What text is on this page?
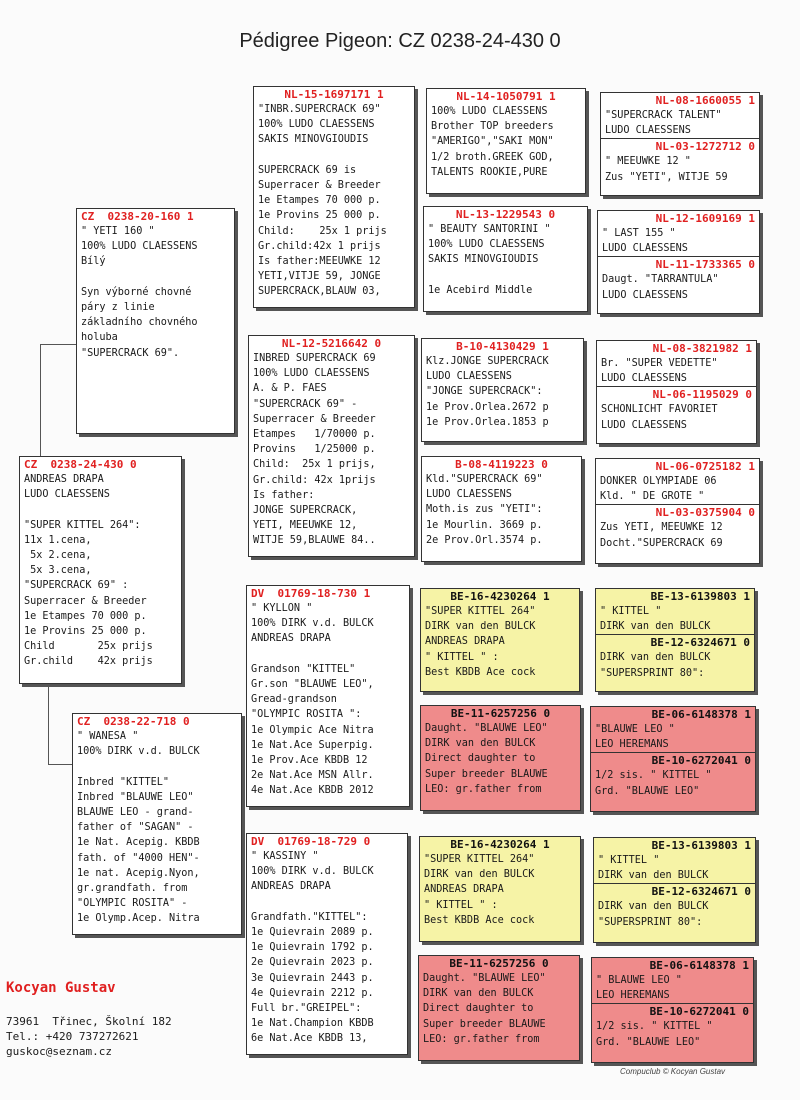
Pédigree Pigeon: CZ 0238-24-430 0
CZ  0238-24-430 0
ANDREAS DRAPA
LUDO CLAESSENS

"SUPER KITTEL 264":
11x 1.cena,
5x 2.cena,
5x 3.cena,
"SUPERCRACK 69" :
Superracer & Breeder
1e Etampes 70 000 p.
1e Provins 25 000 p.
Child       25x prijs
Gr.child    42x prijs
CZ  0238-20-160 1
" YETI 160 "
100% LUDO CLAESSENS
Bílý

Syn výborné chovné
páry z linie
základního chovného
holuba
"SUPERCRACK 69".
CZ  0238-22-718 0
" WANESA "
100% DIRK v.d. BULCK

Inbred "KITTEL"
Inbred "BLAUWE LEO"
BLAUWE LEO - grand-
father of "SAGAN" -
1e Nat. Acepig. KBDB
fath. of "4000 HEN"-
1e nat. Acepig.Nyon,
gr.grandfath. from
"OLYMPIC ROSITA" -
1e Olymp.Acep. Nitra
NL-15-1697171 1
"INBR.SUPERCRACK 69"
100% LUDO CLAESSENS
SAKIS MINOVGIOUDIS

SUPERCRACK 69 is
Superracer & Breeder
1e Etampes 70 000 p.
1e Provins 25 000 p.
Child:    25x 1 prijs
Gr.child:42x 1 prijs
Is father:MEEUWKE 12
YETI,VITJE 59, JONGE
SUPERCRACK,BLAUW 03,
NL-12-5216642 0
INBRED SUPERCRACK 69
100% LUDO CLAESSENS
A. & P. FAES
"SUPERCRACK 69" -
Superracer & Breeder
Etampes   1/70000 p.
Provins   1/25000 p.
Child:  25x 1 prijs,
Gr.child: 42x 1prijs
Is father:
JONGE SUPERCRACK,
YETI, MEEUWKE 12,
WITJE 59,BLAUWE 84..
DV  01769-18-730 1
" KYLLON "
100% DIRK v.d. BULCK
ANDREAS DRAPA

Grandson "KITTEL"
Gr.son "BLAUWE LEO",
Gread-grandson
"OLYMPIC ROSITA ":
1e Olympic Ace Nitra
1e Nat.Ace Superpig.
1e Prov.Ace KBDB 12
2e Nat.Ace MSN Allr.
4e Nat.Ace KBDB 2012
DV  01769-18-729 0
" KASSINY "
100% DIRK v.d. BULCK
ANDREAS DRAPA

Grandfath."KITTEL":
1e Quievrain 2089 p.
1e Quievrain 1792 p.
2e Quievrain 2023 p.
3e Quievrain 2443 p.
4e Quievrain 2212 p.
Full br."GREIPEL":
1e Nat.Champion KBDB
6e Nat.Ace KBDB 13,
NL-14-1050791 1
100% LUDO CLAESSENS
Brother TOP breeders
"AMERIGO","SAKI MON"
1/2 broth.GREEK GOD,
TALENTS ROOKIE,PURE
NL-13-1229543 0
" BEAUTY SANTORINI "
100% LUDO CLAESSENS
SAKIS MINOVGIOUDIS

1e Acebird Middle
B-10-4130429 1
Klz.JONGE SUPERCRACK
LUDO CLAESSENS
"JONGE SUPERCRACK":
1e Prov.Orlea.2672 p
1e Prov.Orlea.1853 p
B-08-4119223 0
Kld."SUPERCRACK 69"
LUDO CLAESSENS
Moth.is zus "YETI":
1e Mourlin. 3669 p.
2e Prov.Orl.3574 p.
BE-16-4230264 1
"SUPER KITTEL 264"
DIRK van den BULCK
ANDREAS DRAPA
" KITTEL " :
Best KBDB Ace cock
BE-11-6257256 0
Daught. "BLAUWE LEO"
DIRK van den BULCK
Direct daughter to
Super breeder BLAUWE
LEO: gr.father from
BE-16-4230264 1
"SUPER KITTEL 264"
DIRK van den BULCK
ANDREAS DRAPA
" KITTEL " :
Best KBDB Ace cock
BE-11-6257256 0
Daught. "BLAUWE LEO"
DIRK van den BULCK
Direct daughter to
Super breeder BLAUWE
LEO: gr.father from
NL-08-1660055 1
"SUPERCRACK TALENT"
LUDO CLAESSENS
NL-03-1272712 0
" MEEUWKE 12 "
Zus "YETI", WITJE 59
NL-12-1609169 1
" LAST 155 "
LUDO CLAESSENS
NL-11-1733365 0
Daugt. "TARRANTULA"
LUDO CLAESSENS
NL-08-3821982 1
Br. "SUPER VEDETTE"
LUDO CLAESSENS
NL-06-1195029 0
SCHONLICHT FAVORIET
LUDO CLAESSENS
NL-06-0725182 1
DONKER OLYMPIADE 06
Kld. " DE GROTE "
NL-03-0375904 0
Zus YETI, MEEUWKE 12
Docht."SUPERCRACK 69
BE-13-6139803 1
" KITTEL "
DIRK van den BULCK
BE-12-6324671 0
DIRK van den BULCK
"SUPERSPRINT 80":
BE-06-6148378 1
"BLAUWE LEO "
LEO HEREMANS
BE-10-6272041 0
1/2 sis. " KITTEL "
Grd. "BLAUWE LEO"
BE-13-6139803 1
" KITTEL "
DIRK van den BULCK
BE-12-6324671 0
DIRK van den BULCK
"SUPERSPRINT 80":
BE-06-6148378 1
" BLAUWE LEO "
LEO HEREMANS
BE-10-6272041 0
1/2 sis. " KITTEL "
Grd. "BLAUWE LEO"
Kocyan Gustav
73961  Třinec, Školní 182
Tel.: +420 737272621
guskoc@seznam.cz
Compuclub © Kocyan Gustav
